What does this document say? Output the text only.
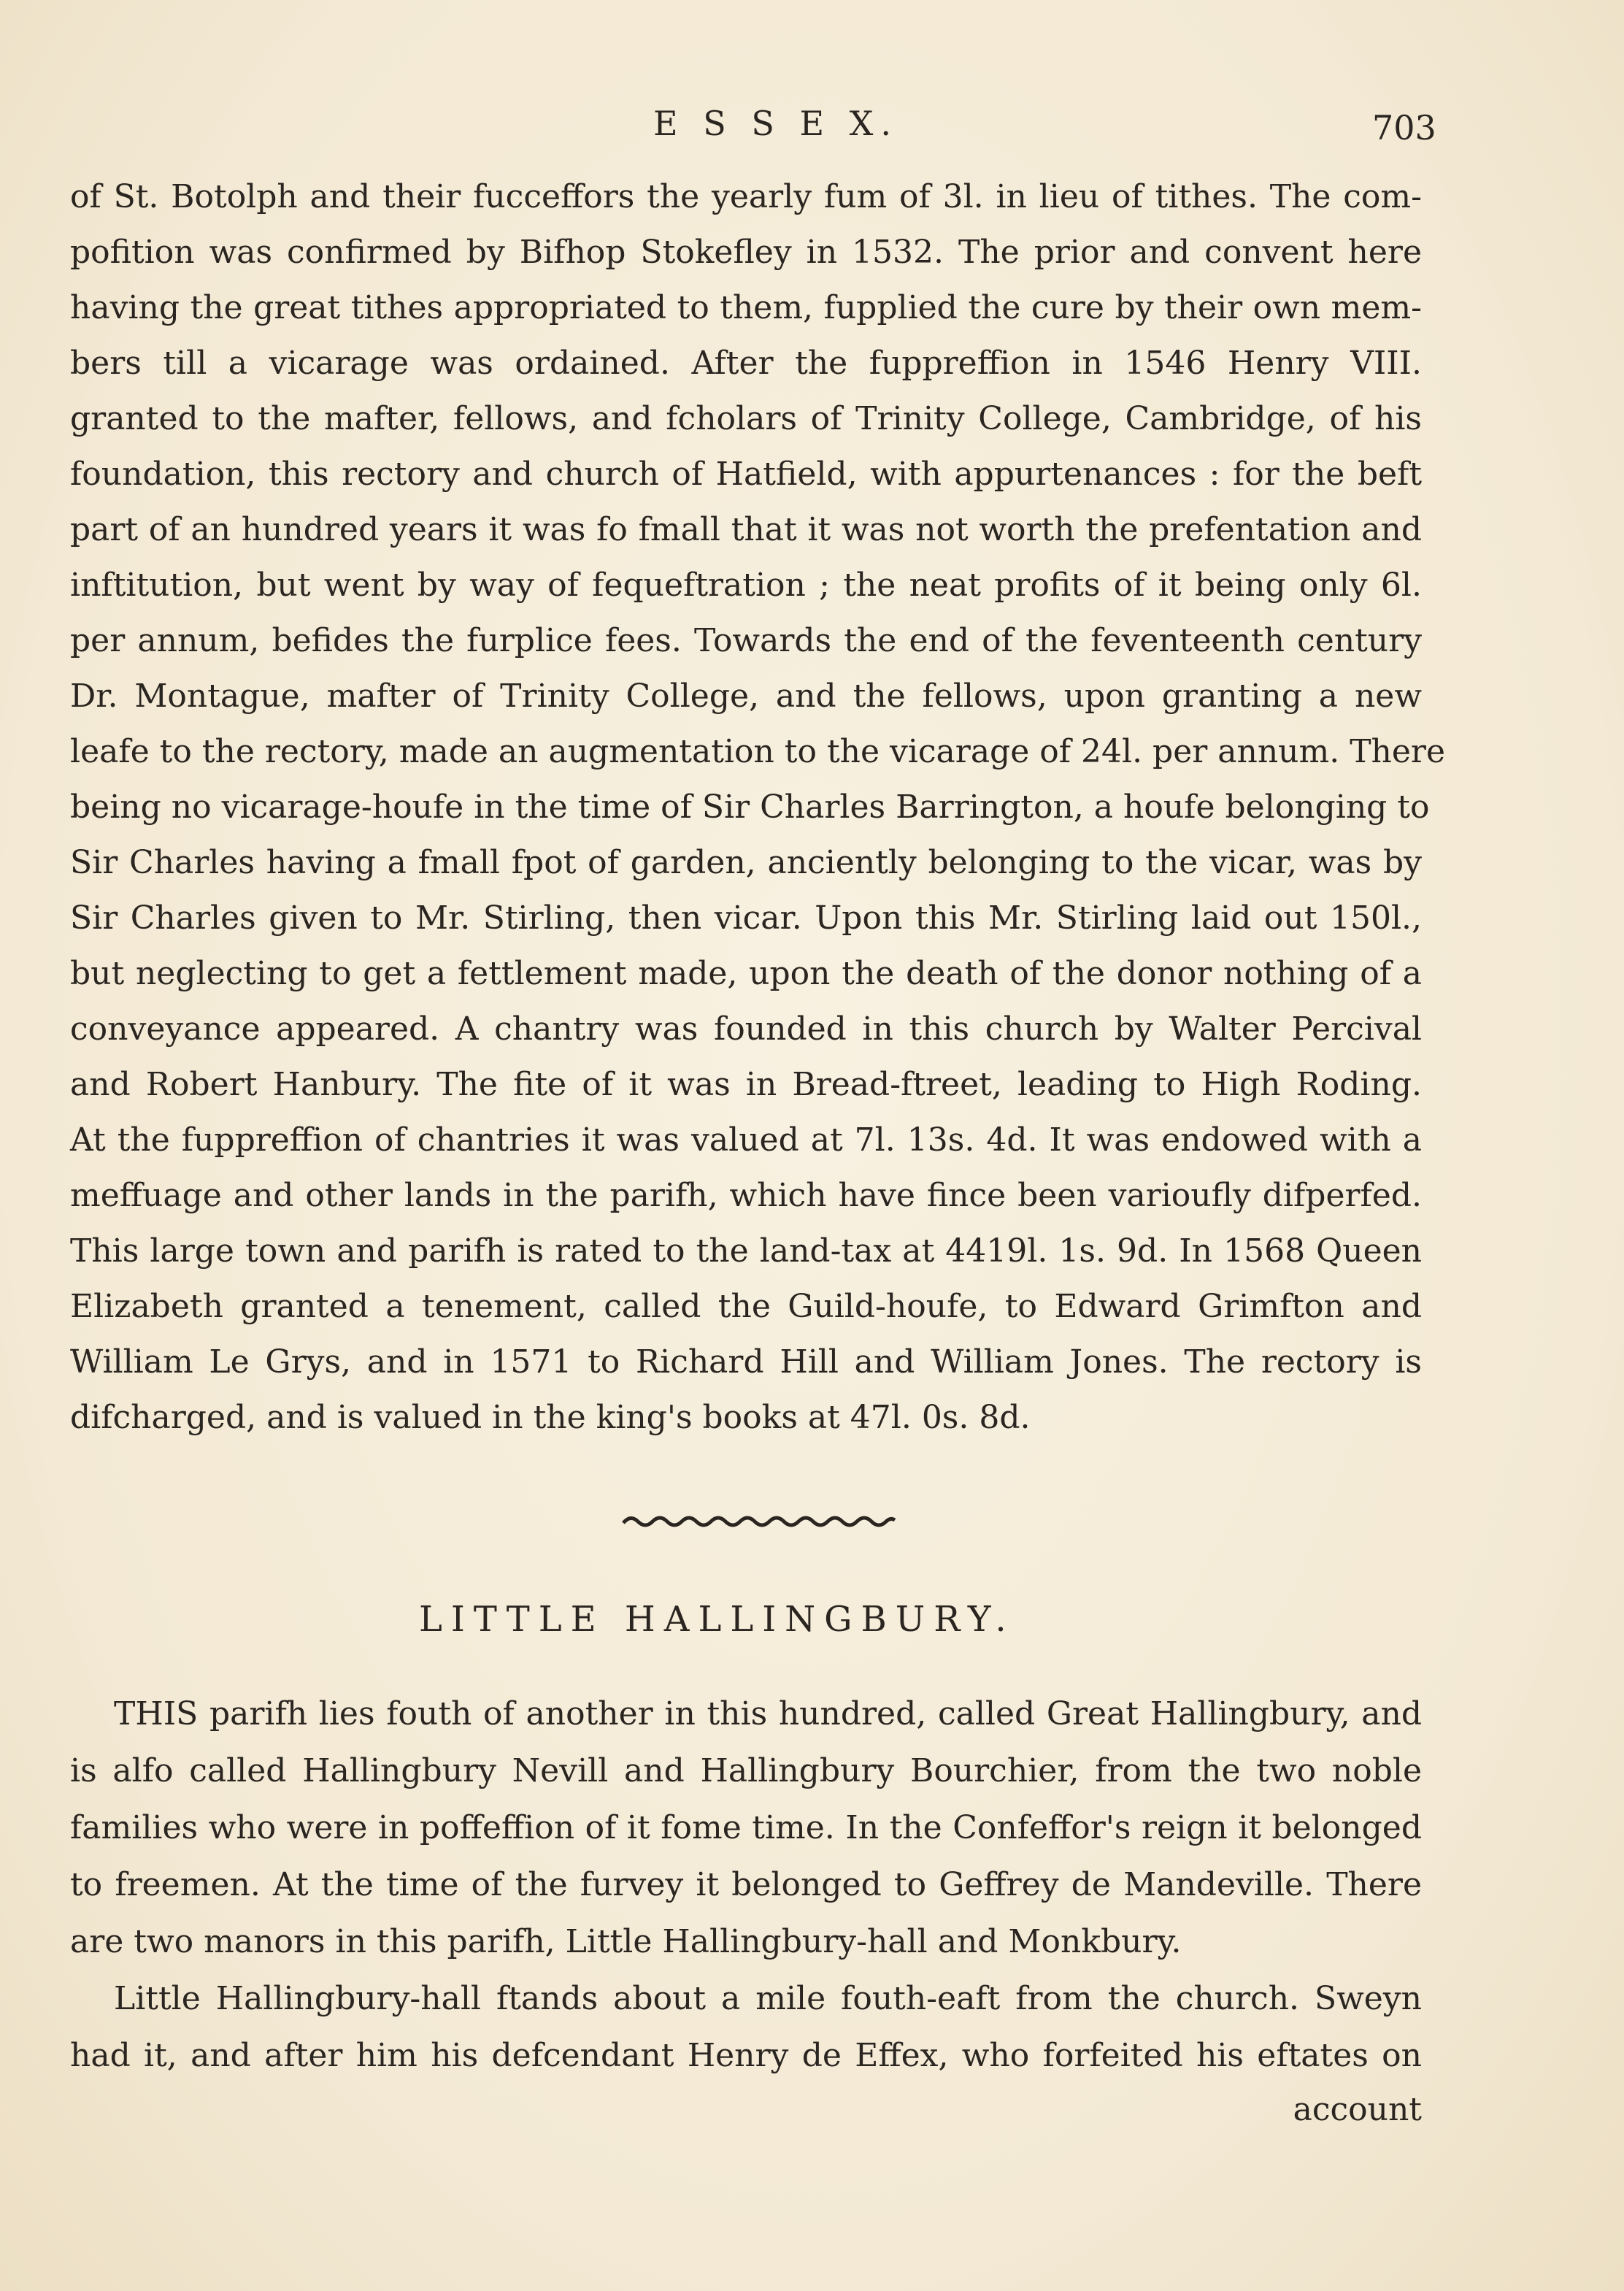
E S S E X.	703
of St. Botolph and their fucceffors the yearly fum of 3l. in lieu of tithes. The com-
pofition was confirmed by Bifhop Stokefley in 1532. The prior and convent here
having the great tithes appropriated to them, fupplied the cure by their own mem-
bers till a vicarage was ordained. After the fuppreffion in 1546 Henry VIII.
granted to the mafter, fellows, and fcholars of Trinity College, Cambridge, of his
foundation, this rectory and church of Hatfield, with appurtenances : for the beft
part of an hundred years it was fo fmall that it was not worth the prefentation and
inftitution, but went by way of fequeftration ; the neat profits of it being only 6l.
per annum, befides the furplice fees. Towards the end of the feventeenth century
Dr. Montague, mafter of Trinity College, and the fellows, upon granting a new
leafe to the rectory, made an augmentation to the vicarage of 24l. per annum. There
being no vicarage-houfe in the time of Sir Charles Barrington, a houfe belonging to
Sir Charles having a fmall fpot of garden, anciently belonging to the vicar, was by
Sir Charles given to Mr. Stirling, then vicar. Upon this Mr. Stirling laid out 150l.,
but neglecting to get a fettlement made, upon the death of the donor nothing of a
conveyance appeared. A chantry was founded in this church by Walter Percival
and Robert Hanbury. The fite of it was in Bread-ftreet, leading to High Roding.
At the fuppreffion of chantries it was valued at 7l. 13s. 4d. It was endowed with a
meffuage and other lands in the parifh, which have fince been varioufly difperfed.
This large town and parifh is rated to the land-tax at 4419l. 1s. 9d. In 1568 Queen
Elizabeth granted a tenement, called the Guild-houfe, to Edward Grimfton and
William Le Grys, and in 1571 to Richard Hill and William Jones. The rectory is
difcharged, and is valued in the king's books at 47l. 0s. 8d.
LITTLE HALLINGBURY.
THIS parifh lies fouth of another in this hundred, called Great Hallingbury, and
is alfo called Hallingbury Nevill and Hallingbury Bourchier, from the two noble
families who were in poffeffion of it fome time. In the Confeffor's reign it belonged
to freemen. At the time of the furvey it belonged to Geffrey de Mandeville. There
are two manors in this parifh, Little Hallingbury-hall and Monkbury.
Little Hallingbury-hall ftands about a mile fouth-eaft from the church. Sweyn
had it, and after him his defcendant Henry de Effex, who forfeited his eftates on
account
